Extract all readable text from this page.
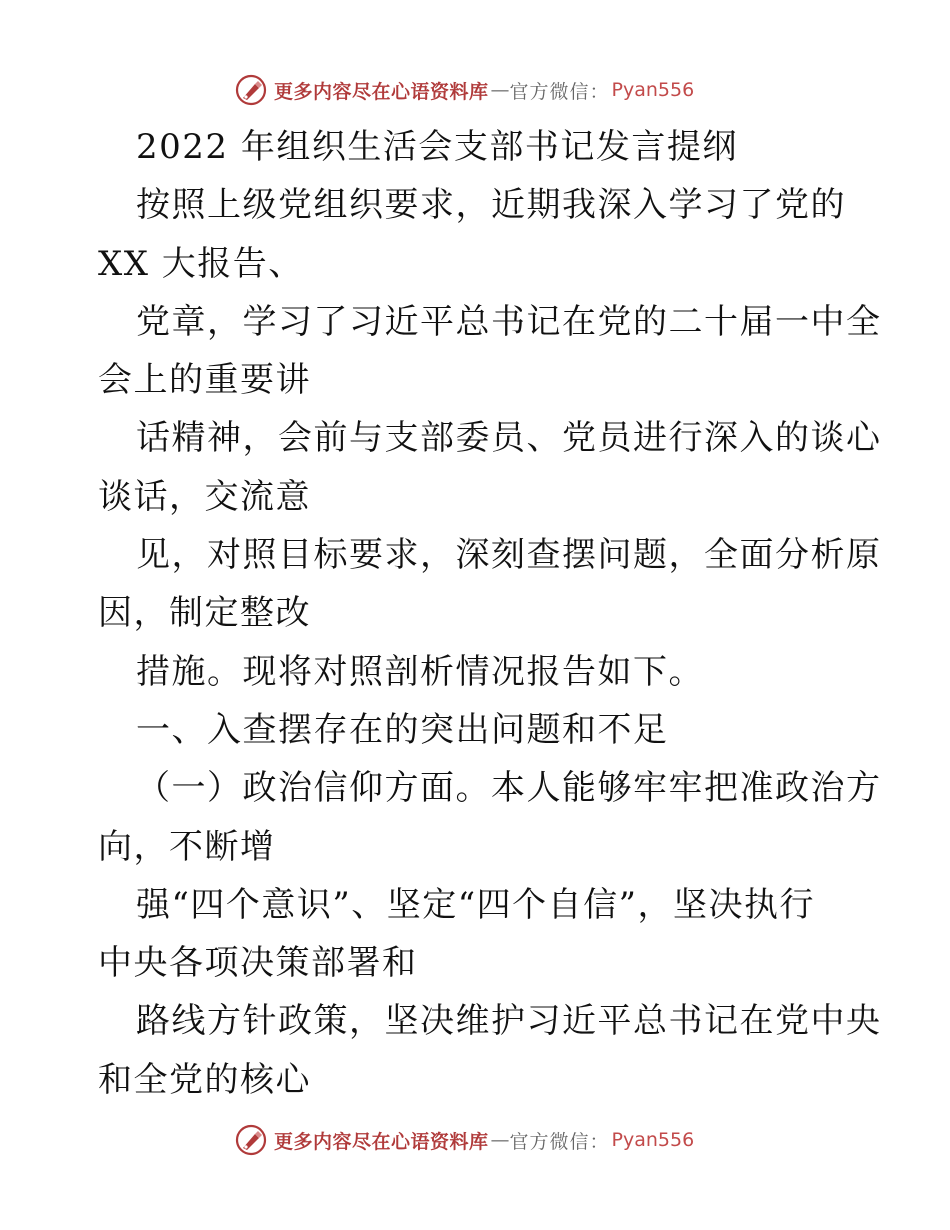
更多内容尽在心语资料库 — 官方微信： Pyan556
2022 年组织生活会支部书记发言提纲
按照上级党组织要求，近期我深入学习了党的
XX 大报告、
党章，学习了习近平总书记在党的二十届一中全
会上的重要讲
话精神，会前与支部委员、党员进行深入的谈心
谈话，交流意
见，对照目标要求，深刻查摆问题，全面分析原
因，制定整改
措施。现将对照剖析情况报告如下。
一、入查摆存在的突出问题和不足
（一）政治信仰方面。本人能够牢牢把准政治方
向，不断增
强“四个意识”、坚定“四个自信”，坚决执行
中央各项决策部署和
路线方针政策，坚决维护习近平总书记在党中央
和全党的核心
更多内容尽在心语资料库 — 官方微信： Pyan556
